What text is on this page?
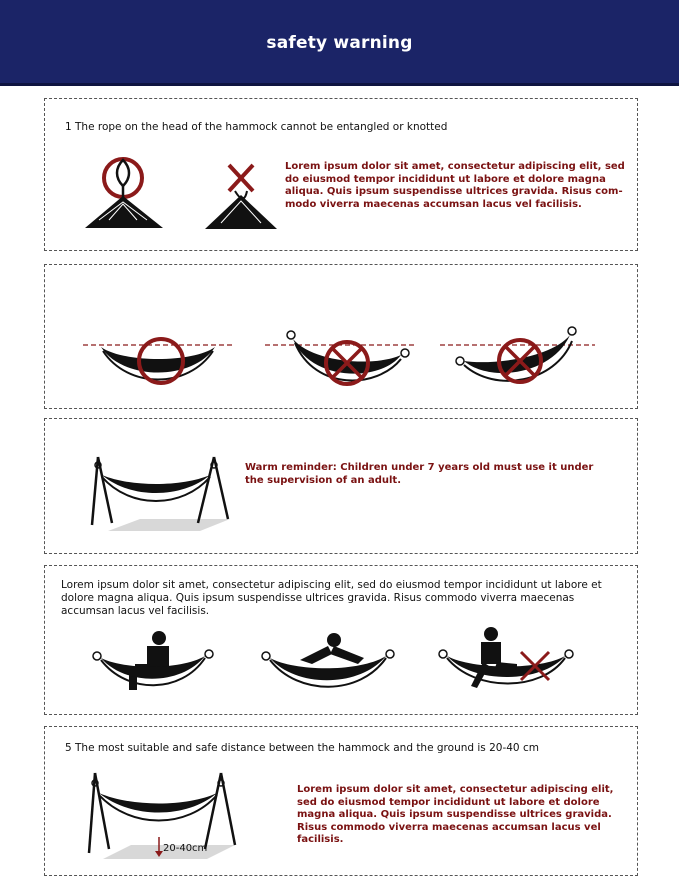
safety warning
1 The rope on the head of the hammock cannot be entangled or knotted
Lorem ipsum dolor sit amet, consectetur adipiscing elit, sed do eiusmod tempor incididunt ut labore et dolore magna aliqua. Quis ipsum suspendisse ultrices gravida. Risus com-modo viverra maecenas accumsan lacus vel facilisis.
Warm reminder: Children under 7 years old must use it under the supervision of an adult.
Lorem ipsum dolor sit amet, consectetur adipiscing elit, sed do eiusmod tempor incididunt ut labore et dolore magna aliqua. Quis ipsum suspendisse ultrices gravida. Risus commodo viverra maecenas accumsan lacus vel facilisis.
5 The most suitable and safe distance between the hammock and the ground is 20-40 cm
20-40cm
Lorem ipsum dolor sit amet, consectetur adipiscing elit, sed do eiusmod tempor incididunt ut labore et dolore magna aliqua. Quis ipsum suspendisse ultrices gravida. Risus commodo viverra maecenas accumsan lacus vel facilisis.
